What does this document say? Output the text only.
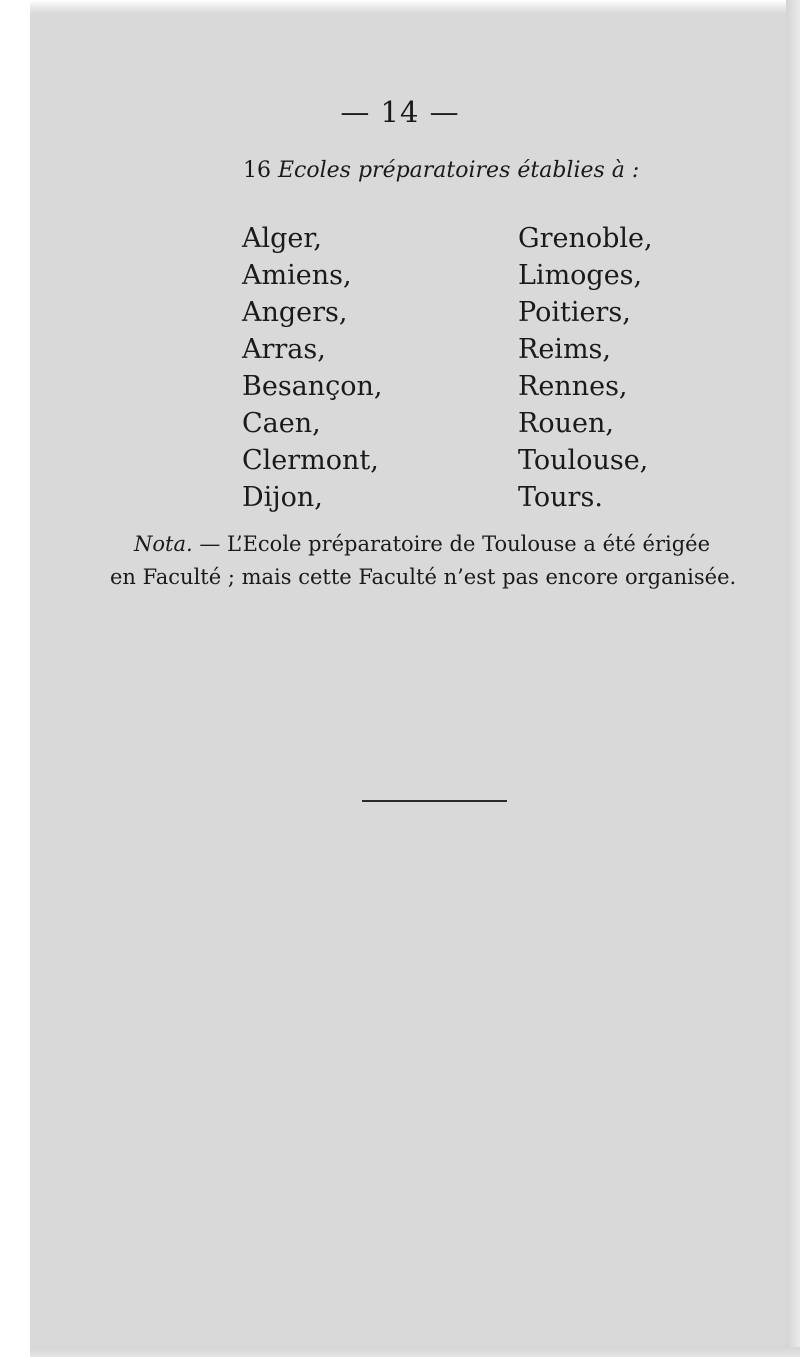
— 14 —
16 Ecoles préparatoires établies à :
Alger,
Amiens,
Angers,
Arras,
Besançon,
Caen,
Clermont,
Dijon,
Grenoble,
Limoges,
Poitiers,
Reims,
Rennes,
Rouen,
Toulouse,
Tours.

Nota. — L’Ecole préparatoire de Toulouse a été érigée
en Faculté ; mais cette Faculté n’est pas encore organisée.
